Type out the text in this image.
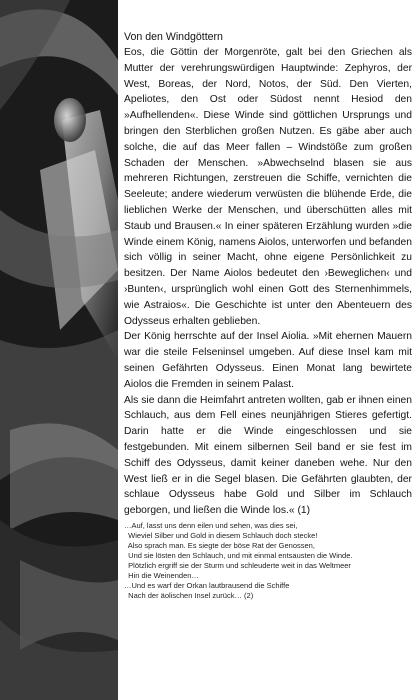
Von den Windgöttern

Eos, die Göttin der Morgenröte, galt bei den Griechen als Mutter der verehrungswürdigen Hauptwinde: Zephyros, der West, Boreas, der Nord, Notos, der Süd. Den Vierten, Apeliotes, den Ost oder Südost nennt Hesiod den »Aufhellenden«. Diese Winde sind göttlichen Ursprungs und bringen den Sterblichen großen Nutzen. Es gäbe aber auch solche, die auf das Meer fallen – Windstöße zum großen Schaden der Menschen. »Abwechselnd blasen sie aus mehreren Richtungen, zerstreuen die Schiffe, vernichten die Seeleute; andere wiederum verwüsten die blühende Erde, die lieblichen Werke der Menschen, und überschütten alles mit Staub und Brausen.« In einer späteren Erzählung wurden »die Winde einem König, namens Aiolos, unterworfen und befanden sich völlig in seiner Macht, ohne eigene Persönlichkeit zu besitzen. Der Name Aiolos bedeutet den ›Beweglichen‹ und ›Bunten‹, ursprünglich wohl einen Gott des Sternenhimmels, wie Astraios«. Die Geschichte ist unter den Abenteuern des Odysseus erhalten geblieben.

Der König herrschte auf der Insel Aiolia. »Mit ehernen Mauern war die steile Felseninsel umgeben. Auf diese Insel kam mit seinen Gefährten Odysseus. Einen Monat lang bewirtete Aiolos die Fremden in seinem Palast.

Als sie dann die Heimfahrt antreten wollten, gab er ihnen einen Schlauch, aus dem Fell eines neunjährigen Stieres gefertigt. Darin hatte er die Winde eingeschlossen und sie festgebunden. Mit einem silbernen Seil band er sie fest im Schiff des Odysseus, damit keiner daneben wehe. Nur den West ließ er in die Segel blasen. Die Gefährten glaubten, der schlaue Odysseus habe Gold und Silber im Schlauch geborgen, und ließen die Winde los.« (1)

…Auf, lasst uns denn eilen und sehen, was dies sei,
Wieviel Silber und Gold in diesem Schlauch doch stecke!
Also sprach man. Es siegte der böse Rat der Genossen,
Und sie lösten den Schlauch, und mit einmal entsausten die Winde.
Plötzlich ergriff sie der Sturm und schleuderte weit in das Weltmeer
Hin die Weinenden…
…Und es warf der Orkan lautbrausend die Schiffe
Nach der äolischen Insel zurück… (2)
